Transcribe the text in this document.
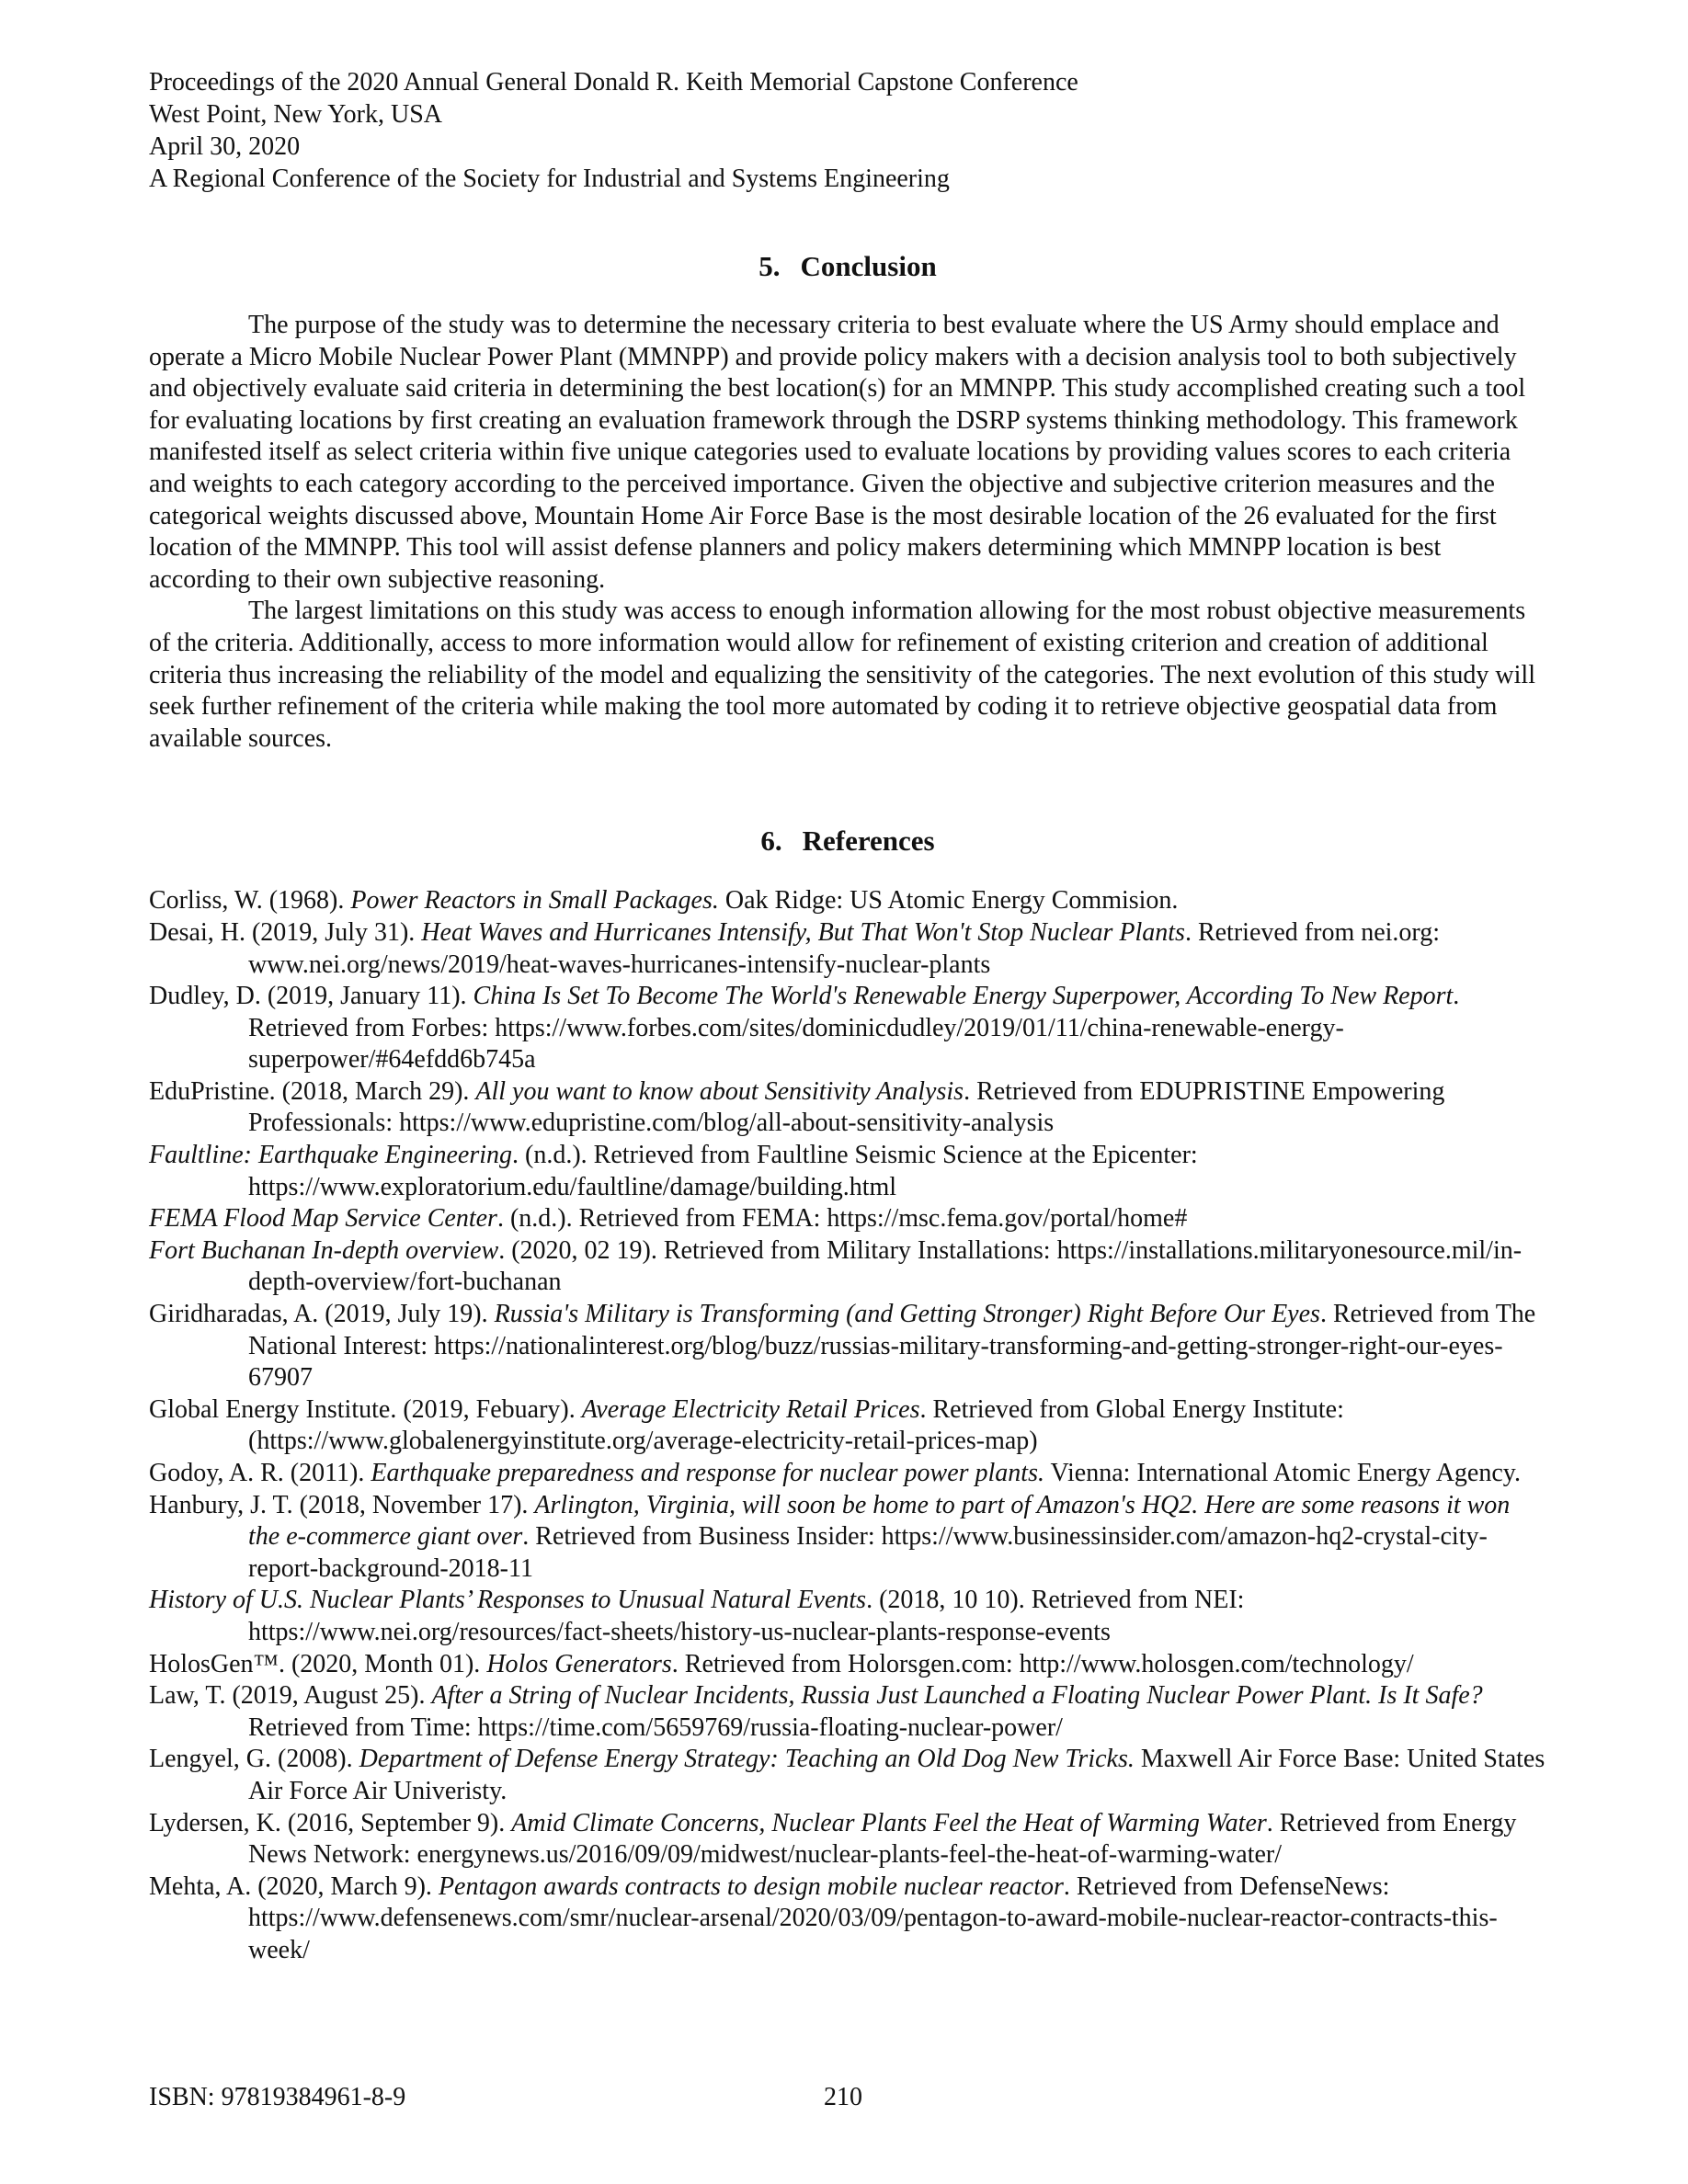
Proceedings of the 2020 Annual General Donald R. Keith Memorial Capstone Conference

West Point, New York, USA

April 30, 2020

A Regional Conference of the Society for Industrial and Systems Engineering

5. Conclusion

The purpose of the study was to determine the necessary criteria to best evaluate where the US Army should emplace and operate a Micro Mobile Nuclear Power Plant (MMNPP) and provide policy makers with a decision analysis tool to both subjectively and objectively evaluate said criteria in determining the best location(s) for an MMNPP. This study accomplished creating such a tool for evaluating locations by first creating an evaluation framework through the DSRP systems thinking methodology. This framework manifested itself as select criteria within five unique categories used to evaluate locations by providing values scores to each criteria and weights to each category according to the perceived importance. Given the objective and subjective criterion measures and the categorical weights discussed above, Mountain Home Air Force Base is the most desirable location of the 26 evaluated for the first location of the MMNPP. This tool will assist defense planners and policy makers determining which MMNPP location is best according to their own subjective reasoning.

The largest limitations on this study was access to enough information allowing for the most robust objective measurements of the criteria. Additionally, access to more information would allow for refinement of existing criterion and creation of additional criteria thus increasing the reliability of the model and equalizing the sensitivity of the categories. The next evolution of this study will seek further refinement of the criteria while making the tool more automated by coding it to retrieve objective geospatial data from available sources.

6. References

Corliss, W. (1968). Power Reactors in Small Packages. Oak Ridge: US Atomic Energy Commision.

Desai, H. (2019, July 31). Heat Waves and Hurricanes Intensify, But That Won't Stop Nuclear Plants. Retrieved from nei.org: www.nei.org/news/2019/heat-waves-hurricanes-intensify-nuclear-plants

Dudley, D. (2019, January 11). China Is Set To Become The World's Renewable Energy Superpower, According To New Report. Retrieved from Forbes: https://www.forbes.com/sites/dominicdudley/2019/01/11/china-renewable-energy-superpower/#64efdd6b745a

EduPristine. (2018, March 29). All you want to know about Sensitivity Analysis. Retrieved from EDUPRISTINE Empowering Professionals: https://www.edupristine.com/blog/all-about-sensitivity-analysis

Faultline: Earthquake Engineering. (n.d.). Retrieved from Faultline Seismic Science at the Epicenter: https://www.exploratorium.edu/faultline/damage/building.html

FEMA Flood Map Service Center. (n.d.). Retrieved from FEMA: https://msc.fema.gov/portal/home#

Fort Buchanan In-depth overview. (2020, 02 19). Retrieved from Military Installations: https://installations.militaryonesource.mil/in-depth-overview/fort-buchanan

Giridharadas, A. (2019, July 19). Russia's Military is Transforming (and Getting Stronger) Right Before Our Eyes. Retrieved from The National Interest: https://nationalinterest.org/blog/buzz/russias-military-transforming-and-getting-stronger-right-our-eyes-67907

Global Energy Institute. (2019, Febuary). Average Electricity Retail Prices. Retrieved from Global Energy Institute: (https://www.globalenergyinstitute.org/average-electricity-retail-prices-map)

Godoy, A. R. (2011). Earthquake preparedness and response for nuclear power plants. Vienna: International Atomic Energy Agency.

Hanbury, J. T. (2018, November 17). Arlington, Virginia, will soon be home to part of Amazon's HQ2. Here are some reasons it won the e-commerce giant over. Retrieved from Business Insider: https://www.businessinsider.com/amazon-hq2-crystal-city-report-background-2018-11

History of U.S. Nuclear Plants’ Responses to Unusual Natural Events. (2018, 10 10). Retrieved from NEI: https://www.nei.org/resources/fact-sheets/history-us-nuclear-plants-response-events

HolosGen™. (2020, Month 01). Holos Generators. Retrieved from Holorsgen.com: http://www.holosgen.com/technology/

Law, T. (2019, August 25). After a String of Nuclear Incidents, Russia Just Launched a Floating Nuclear Power Plant. Is It Safe? Retrieved from Time: https://time.com/5659769/russia-floating-nuclear-power/

Lengyel, G. (2008). Department of Defense Energy Strategy: Teaching an Old Dog New Tricks. Maxwell Air Force Base: United States Air Force Air Univeristy.

Lydersen, K. (2016, September 9). Amid Climate Concerns, Nuclear Plants Feel the Heat of Warming Water. Retrieved from Energy News Network: energynews.us/2016/09/09/midwest/nuclear-plants-feel-the-heat-of-warming-water/

Mehta, A. (2020, March 9). Pentagon awards contracts to design mobile nuclear reactor. Retrieved from DefenseNews: https://www.defensenews.com/smr/nuclear-arsenal/2020/03/09/pentagon-to-award-mobile-nuclear-reactor-contracts-this-week/

ISBN: 97819384961-8-9	210
